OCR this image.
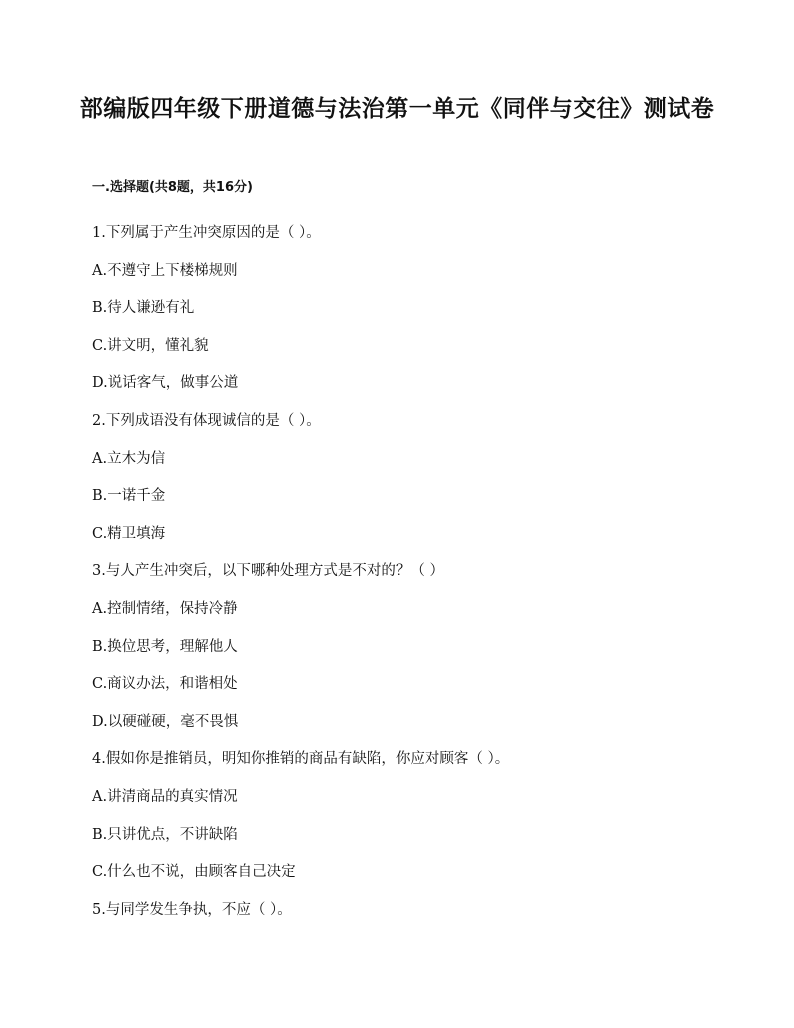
部编版四年级下册道德与法治第一单元《同伴与交往》测试卷
一.选择题(共8题，共16分)
1.下列属于产生冲突原因的是（ ）。
A.不遵守上下楼梯规则
B.待人谦逊有礼
C.讲文明，懂礼貌
D.说话客气，做事公道
2.下列成语没有体现诚信的是（ ）。
A.立木为信
B.一诺千金
C.精卫填海
3.与人产生冲突后，以下哪种处理方式是不对的？（ ）
A.控制情绪，保持冷静
B.换位思考，理解他人
C.商议办法，和谐相处
D.以硬碰硬，毫不畏惧
4.假如你是推销员，明知你推销的商品有缺陷，你应对顾客（ ）。
A.讲清商品的真实情况
B.只讲优点，不讲缺陷
C.什么也不说，由顾客自己决定
5.与同学发生争执，不应（ ）。
